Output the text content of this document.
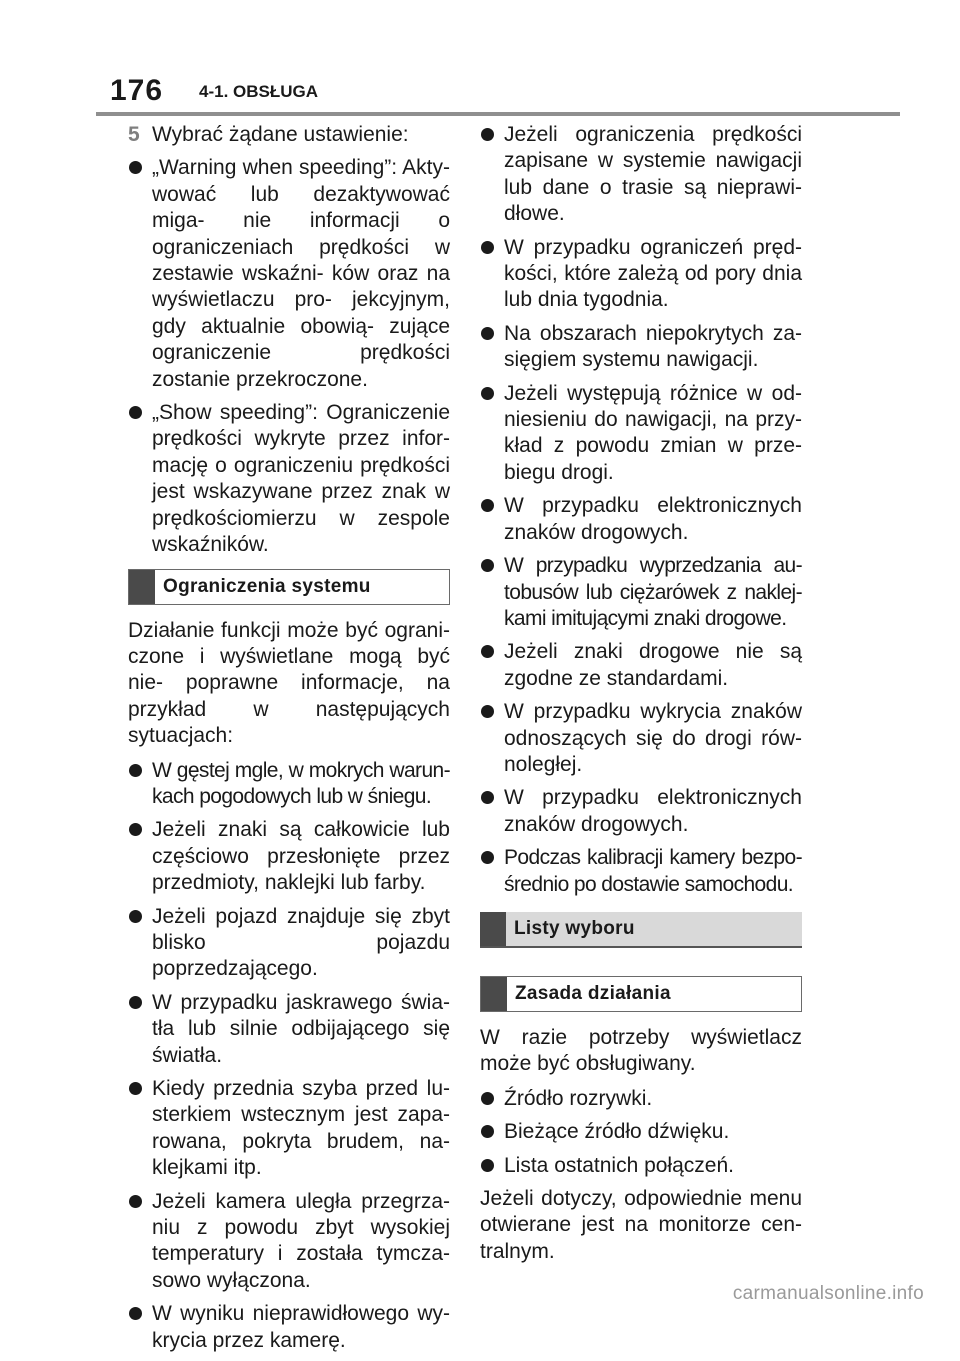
176 4-1. OBSŁUGA
5 Wybrać żądane ustawienie:
„Warning when speeding”: Akty- wować lub dezaktywować miga- nie informacji o ograniczeniach prędkości w zestawie wskaźni- ków oraz na wyświetlaczu pro- jekcyjnym, gdy aktualnie obowią- zujące ograniczenie prędkości zostanie przekroczone.
„Show speeding”: Ograniczenie prędkości wykryte przez infor- mację o ograniczeniu prędkości jest wskazywane przez znak w prędkościomierzu w zespole wskaźników.
Ograniczenia systemu
Działanie funkcji może być ograni- czone i wyświetlane mogą być nie- poprawne informacje, na przykład w następujących sytuacjach:
W gęstej mgle, w mokrych warun- kach pogodowych lub w śniegu.
Jeżeli znaki są całkowicie lub częściowo przesłonięte przez przedmioty, naklejki lub farby.
Jeżeli pojazd znajduje się zbyt blisko pojazdu poprzedzającego.
W przypadku jaskrawego świa- tła lub silnie odbijającego się światła.
Kiedy przednia szyba przed lu- sterkiem wstecznym jest zapa- rowana, pokryta brudem, na- klejkami itp.
Jeżeli kamera uległa przegrza- niu z powodu zbyt wysokiej temperatury i została tymcza- sowo wyłączona.
W wyniku nieprawidłowego wy- krycia przez kamerę.
Jeżeli ograniczenia prędkości zapisane w systemie nawigacji lub dane o trasie są nieprawi- dłowe.
W przypadku ograniczeń pręd- kości, które zależą od pory dnia lub dnia tygodnia.
Na obszarach niepokrytych za- sięgiem systemu nawigacji.
Jeżeli występują różnice w od- niesieniu do nawigacji, na przy- kład z powodu zmian w prze- biegu drogi.
W przypadku elektronicznych znaków drogowych.
W przypadku wyprzedzania au- tobusów lub ciężarówek z naklej- kami imitującymi znaki drogowe.
Jeżeli znaki drogowe nie są zgodne ze standardami.
W przypadku wykrycia znaków odnoszących się do drogi rów- noległej.
W przypadku elektronicznych znaków drogowych.
Podczas kalibracji kamery bezpo- średnio po dostawie samochodu.
Listy wyboru
Zasada działania
W razie potrzeby wyświetlacz może być obsługiwany.
Źródło rozrywki.
Bieżące źródło dźwięku.
Lista ostatnich połączeń.
Jeżeli dotyczy, odpowiednie menu otwierane jest na monitorze cen- tralnym.
carmanualsonline.info
